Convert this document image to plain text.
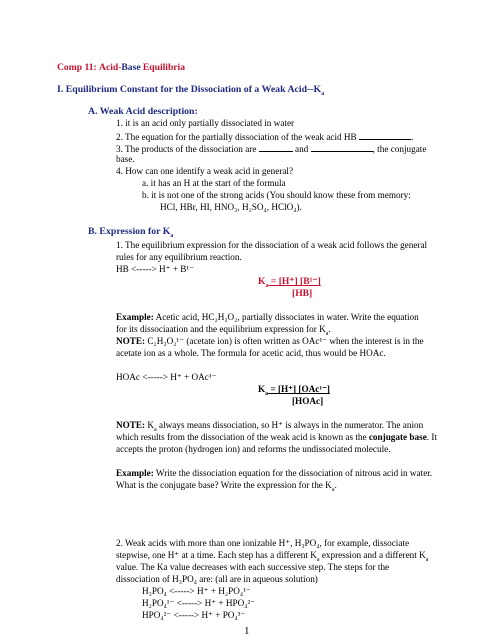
Comp 11: Acid-Base Equilibria
I. Equilibrium Constant for the Dissociation of a Weak Acid-$-K_a$
A. Weak Acid description:
1. it is an acid only partially dissociated in water
2. The equation for the partially dissociation of the weak acid HB	.
3. The products of the dissociation are	and	, the conjugate
base.
4. How can one identify a weak acid in general?
a. it has an H at the start of the formula
b. it is not one of the strong acids (You should know these from memory:
HCl, HBr, HI, HNO₃, H₂SO₄, HClO₄).
B. Expression for $K_a$
1. The equilibrium expression for the dissociation of a weak acid follows the general
rules for any equilibrium reaction.
HB <-----> H⁺ + B¹⁻
$K_a = [H^+]$ [B¹⁻]
[HB]
Example: Acetic acid, HC₂H₃O₂, partially dissociates in water. Write the equation
for its dissociaation and the equilibrium expression for $K_a$.
NOTE: C₂H₃O₂¹⁻ (acetate ion) is often written as OAc¹⁻ when the interest is in the
acetate ion as a whole. The formula for acetic acid, thus would be HOAc.
HOAc <-----> H⁺ + OAc¹⁻
$K_a = [H^+]$ [OAc¹⁻]
[HOAc]
NOTE: $K_a$ always means dissociation, so H⁺ is always in the numerator. The anion
which results from the dissociation of the weak acid is known as the conjugate base. It
accepts the proton (hydrogen ion) and reforms the undissociated molecule.
Example: Write the dissociation equation for the dissociation of nitrous acid in water.
What is the conjugate base? Write the expression for the $K_a$.
2. Weak acids with more than one ionizable H⁺, H₃PO₄, for example, dissociate
stepwise, one H⁺ at a time. Each step has a different $K_a$ expression and a different $K_a$
value. The Ka value decreases with each successive step. The steps for the
dissociation of H₃PO₄ are: (all are in aqueous solution)
H₃PO₄ <-----> H⁺ + H₂PO₄¹⁻
H₂PO₄¹⁻ <-----> H⁺ + HPO₄²⁻
HPO₄²⁻ <-----> H⁺ + PO₄³⁻
1
